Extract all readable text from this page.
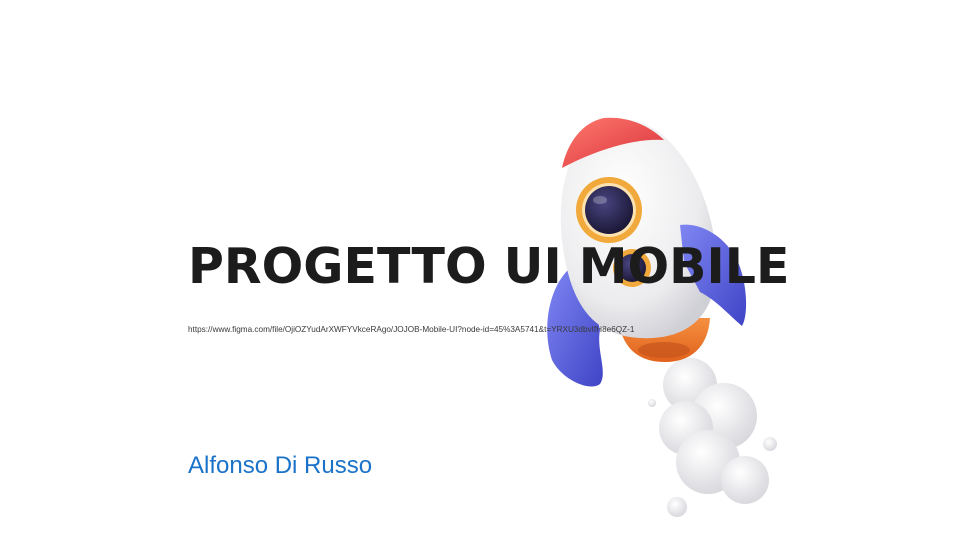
PROGETTO UI MOBILE
https://www.figma.com/file/OjiOZYudArXWFYVkceRAgo/JOJOB-Mobile-UI?node-id=45%3A5741&t=YRXU3dbvIfH8e6QZ-1

Alfonso Di Russo
